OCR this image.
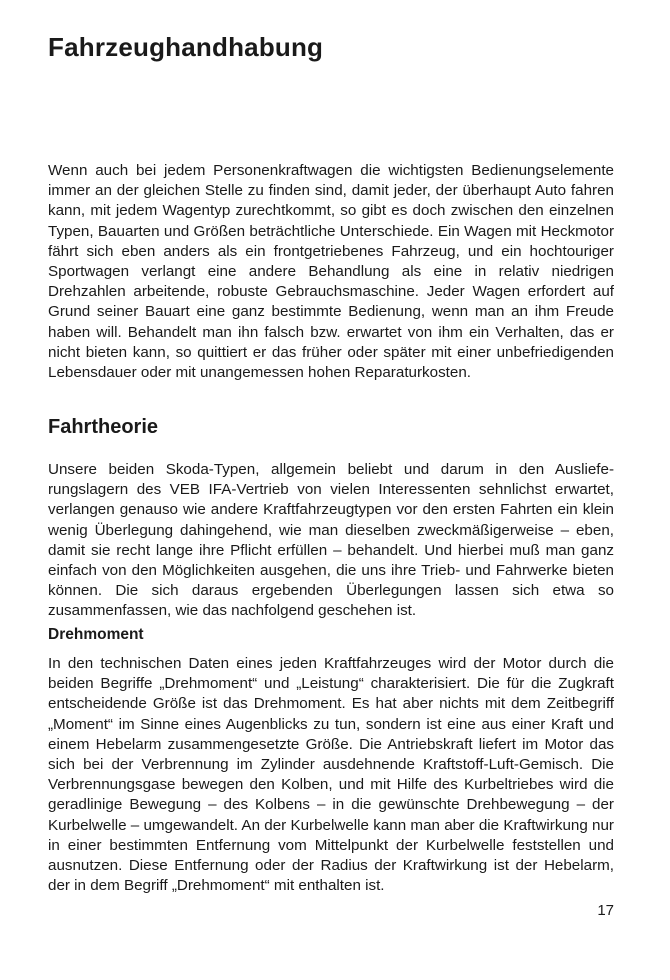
Fahrzeughandhabung

Wenn auch bei jedem Personenkraftwagen die wichtigsten Bedienungselemente immer an der gleichen Stelle zu finden sind, damit jeder, der überhaupt Auto fahren kann, mit jedem Wagentyp zurechtkommt, so gibt es doch zwischen den einzelnen Typen, Bauarten und Größen beträchtliche Unterschiede. Ein Wagen mit Heckmotor fährt sich eben anders als ein frontgetriebenes Fahrzeug, und ein hochtouriger Sportwagen verlangt eine andere Behandlung als eine in relativ niedrigen Drehzahlen arbeitende, robuste Gebrauchsmaschine. Jeder Wagen erfordert auf Grund seiner Bauart eine ganz bestimmte Bedienung, wenn man an ihm Freude haben will. Behandelt man ihn falsch bzw. erwartet von ihm ein Verhalten, das er nicht bieten kann, so quittiert er das früher oder später mit einer unbefriedigenden Lebensdauer oder mit unangemessen hohen Reparaturkosten.

Fahrtheorie

Unsere beiden Skoda-Typen, allgemein beliebt und darum in den Auslieferungslagern des VEB IFA-Vertrieb von vielen Interessenten sehnlichst erwartet, verlangen genauso wie andere Kraftfahrzeugtypen vor den ersten Fahrten ein klein wenig Überlegung dahingehend, wie man dieselben zweckmäßigerweise – eben, damit sie recht lange ihre Pflicht erfüllen – behandelt. Und hierbei muß man ganz einfach von den Möglichkeiten ausgehen, die uns ihre Trieb- und Fahrwerke bieten können. Die sich daraus ergebenden Überlegungen lassen sich etwa so zusammenfassen, wie das nachfolgend geschehen ist.

Drehmoment

In den technischen Daten eines jeden Kraftfahrzeuges wird der Motor durch die beiden Begriffe „Drehmoment“ und „Leistung“ charakterisiert. Die für die Zugkraft entscheidende Größe ist das Drehmoment. Es hat aber nichts mit dem Zeitbegriff „Moment“ im Sinne eines Augenblicks zu tun, sondern ist eine aus einer Kraft und einem Hebelarm zusammengesetzte Größe. Die Antriebskraft liefert im Motor das sich bei der Verbrennung im Zylinder ausdehnende Kraftstoff-Luft-Gemisch. Die Verbrennungsgase bewegen den Kolben, und mit Hilfe des Kurbeltriebes wird die geradlinige Bewegung – des Kolbens – in die gewünschte Drehbewegung – der Kurbelwelle – umgewandelt. An der Kurbelwelle kann man aber die Kraftwirkung nur in einer bestimmten Entfernung vom Mittelpunkt der Kurbelwelle feststellen und ausnutzen. Diese Entfernung oder der Radius der Kraftwirkung ist der Hebelarm, der in dem Begriff „Drehmoment“ mit enthalten ist.

17
